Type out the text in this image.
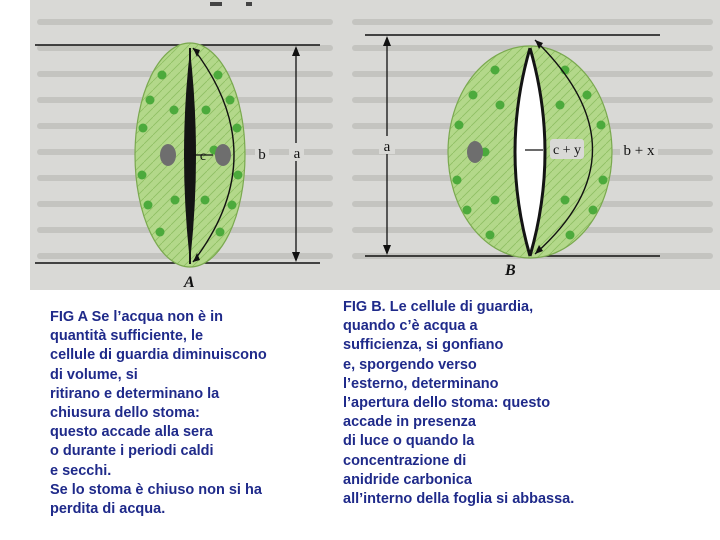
c	b a
A
a	c + y	b + x
B

FIG A Se l’acqua non è in
quantità sufficiente, le
cellule di guardia diminuiscono
di volume, si
ritirano e determinano la
chiusura dello stoma:
questo accade alla sera
o durante i periodi caldi
e secchi.
Se lo stoma è chiuso non si ha
perdita di acqua.

FIG B. Le cellule di guardia,
quando c’è acqua a
sufficienza, si gonfiano
e, sporgendo verso
l’esterno, determinano
l’apertura dello stoma: questo
accade in presenza
di luce o quando la
concentrazione di
anidride carbonica
all’interno della foglia si abbassa.
